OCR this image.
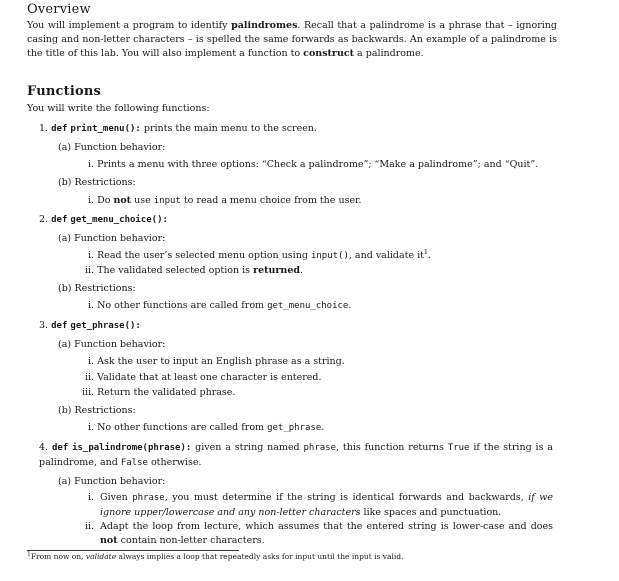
Overview

You will implement a program to identify palindromes. Recall that a palindrome is a phrase that – ignoring casing and non-letter characters – is spelled the same forwards as backwards. An example of a palindrome is the title of this lab. You will also implement a function to construct a palindrome.

Functions

You will write the following functions:

1. def print_menu(): prints the main menu to the screen.
(a) Function behavior:
i. Prints a menu with three options: “Check a palindrome”; “Make a palindrome”; and “Quit”.
(b) Restrictions:
i. Do not use input to read a menu choice from the user.
2. def get_menu_choice():
(a) Function behavior:
i. Read the user’s selected menu option using input(), and validate $it^1$.
ii. The validated selected option is returned.
(b) Restrictions:
i. No other functions are called from get_menu_choice.
3. def get_phrase():
(a) Function behavior:
i. Ask the user to input an English phrase as a string.
ii. Validate that at least one character is entered.
iii. Return the validated phrase.
(b) Restrictions:
i. No other functions are called from get_phrase.
4. def is_palindrome(phrase): given a string named phrase, this function returns True if the string is a palindrome, and False otherwise.
(a) Function behavior:
i. Given phrase, you must determine if the string is identical forwards and backwards, if we ignore upper/lowercase and any non-letter characters like spaces and punctuation.
ii. Adapt the loop from lecture, which assumes that the entered string is lower-case and does not contain non-letter characters.
$^1$From now on, validate always implies a loop that repeatedly asks for input until the input is valid.
